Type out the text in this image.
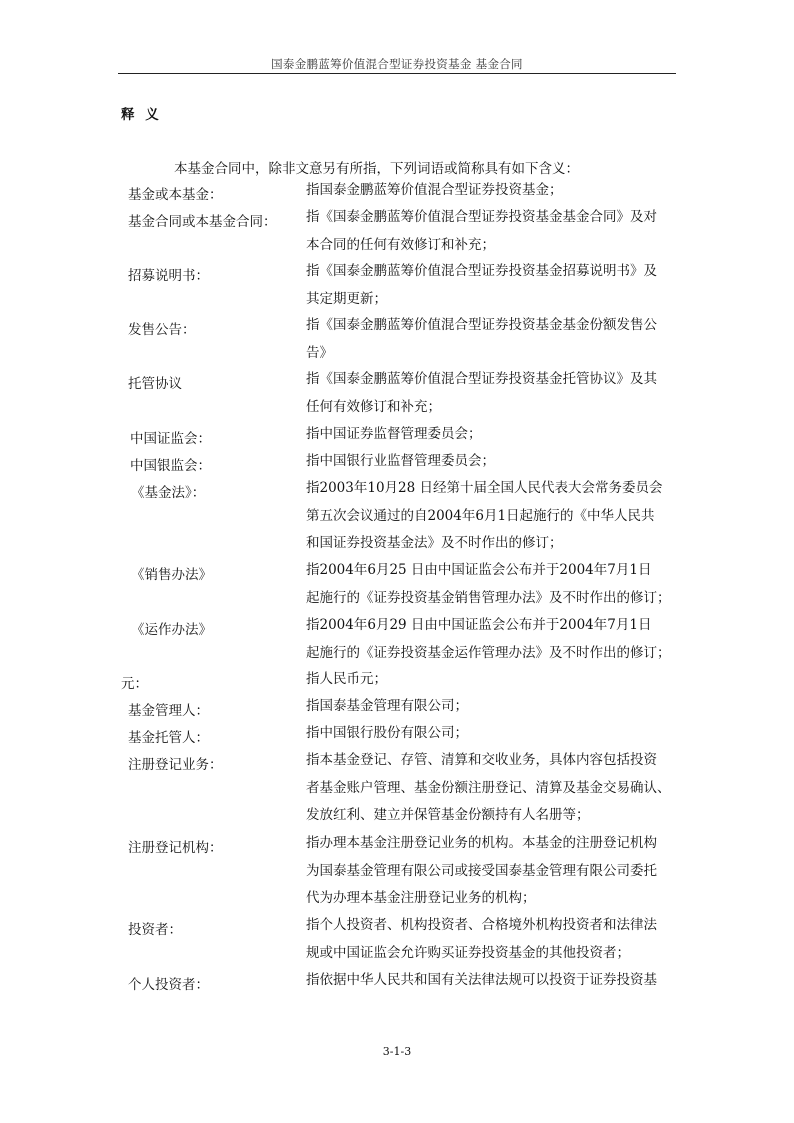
国泰金鹏蓝筹价值混合型证券投资基金 基金合同
释 义
本基金合同中，除非文意另有所指，下列词语或简称具有如下含义：
基金或本基金：	指国泰金鹏蓝筹价值混合型证券投资基金；
基金合同或本基金合同： 指《国泰金鹏蓝筹价值混合型证券投资基金基金合同》及对
本合同的任何有效修订和补充；
招募说明书：	指《国泰金鹏蓝筹价值混合型证券投资基金招募说明书》及
其定期更新；
发售公告：	指《国泰金鹏蓝筹价值混合型证券投资基金基金份额发售公
告》
托管协议	指《国泰金鹏蓝筹价值混合型证券投资基金托管协议》及其
任何有效修订和补充；
中国证监会：	指中国证券监督管理委员会；
中国银监会：	指中国银行业监督管理委员会；
《基金法》：	指2003年10月28 日经第十届全国人民代表大会常务委员会
第五次会议通过的自2004年6月1日起施行的《中华人民共
和国证券投资基金法》及不时作出的修订；
《销售办法》	指2004年6月25 日由中国证监会公布并于2004年7月1日
起施行的《证券投资基金销售管理办法》及不时作出的修订；
《运作办法》	指2004年6月29 日由中国证监会公布并于2004年7月1日
起施行的《证券投资基金运作管理办法》及不时作出的修订；
元：	指人民币元；
基金管理人：	指国泰基金管理有限公司；
基金托管人：	指中国银行股份有限公司；
注册登记业务：	指本基金登记、存管、清算和交收业务，具体内容包括投资
者基金账户管理、基金份额注册登记、清算及基金交易确认、
发放红利、建立并保管基金份额持有人名册等；
注册登记机构：	指办理本基金注册登记业务的机构。本基金的注册登记机构
为国泰基金管理有限公司或接受国泰基金管理有限公司委托
代为办理本基金注册登记业务的机构；
投资者：	指个人投资者、机构投资者、合格境外机构投资者和法律法
规或中国证监会允许购买证券投资基金的其他投资者；
个人投资者：	指依据中华人民共和国有关法律法规可以投资于证券投资基
3-1-3
